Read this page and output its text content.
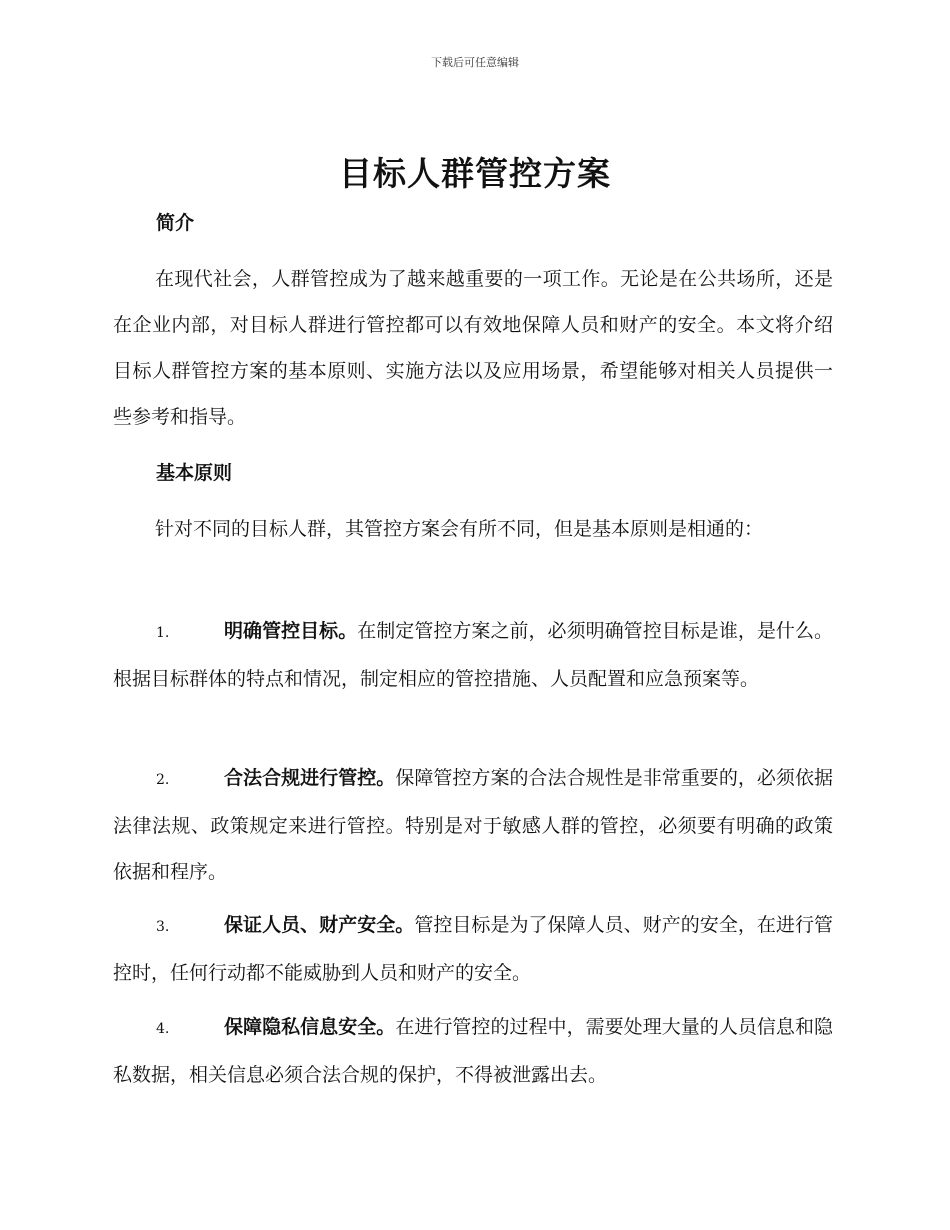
下载后可任意编辑
目标人群管控方案
简介
在现代社会，人群管控成为了越来越重要的一项工作。无论是在公共场所，还是在企业内部，对目标人群进行管控都可以有效地保障人员和财产的安全。本文将介绍目标人群管控方案的基本原则、实施方法以及应用场景，希望能够对相关人员提供一些参考和指导。
基本原则
针对不同的目标人群，其管控方案会有所不同，但是基本原则是相通的：
1.	明确管控目标。在制定管控方案之前，必须明确管控目标是谁，是什么。根据目标群体的特点和情况，制定相应的管控措施、人员配置和应急预案等。
2.	合法合规进行管控。保障管控方案的合法合规性是非常重要的，必须依据法律法规、政策规定来进行管控。特别是对于敏感人群的管控，必须要有明确的政策依据和程序。
3.	保证人员、财产安全。管控目标是为了保障人员、财产的安全，在进行管控时，任何行动都不能威胁到人员和财产的安全。
4.	保障隐私信息安全。在进行管控的过程中，需要处理大量的人员信息和隐私数据，相关信息必须合法合规的保护，不得被泄露出去。
